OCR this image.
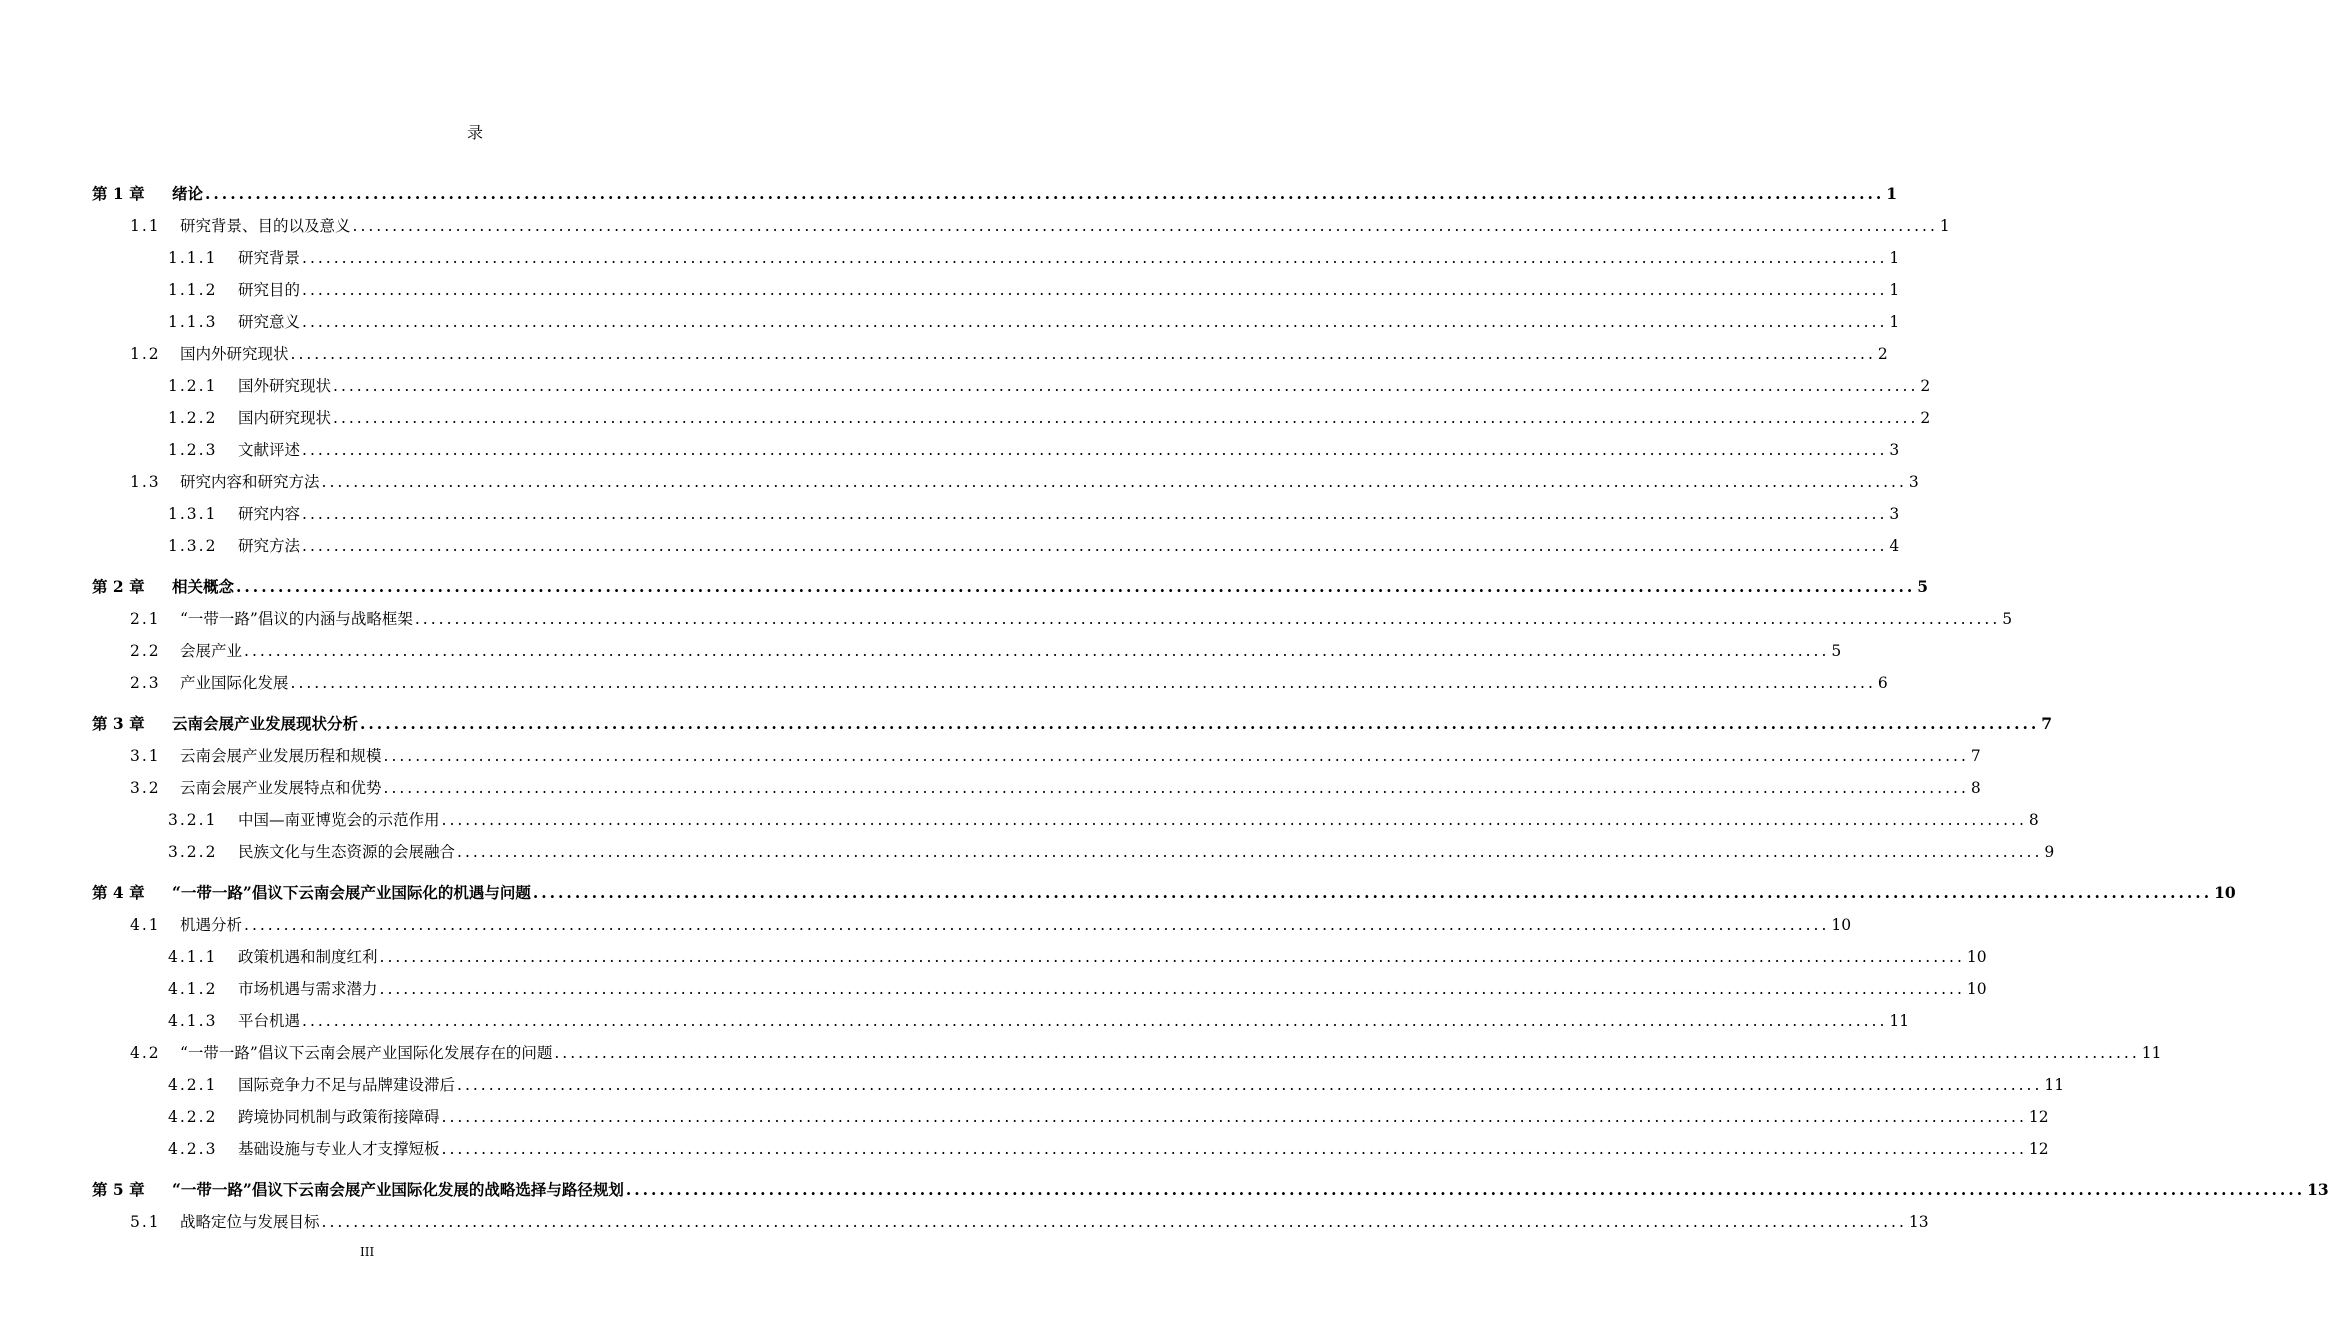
录
第 1 章	绪论 ........................................................................................................................................................................................................ 1
1.1	研究背景、目的以及意义 ........................................................................................................................................................................................................ 1
1.1.1	研究背景 ........................................................................................................................................................................................................ 1
1.1.2	研究目的 ........................................................................................................................................................................................................ 1
1.1.3	研究意义 ........................................................................................................................................................................................................ 1
1.2	国内外研究现状 ........................................................................................................................................................................................................ 2
1.2.1	国外研究现状 ........................................................................................................................................................................................................ 2
1.2.2	国内研究现状 ........................................................................................................................................................................................................ 2
1.2.3	文献评述 ........................................................................................................................................................................................................ 3
1.3	研究内容和研究方法 ........................................................................................................................................................................................................ 3
1.3.1	研究内容 ........................................................................................................................................................................................................ 3
1.3.2	研究方法 ........................................................................................................................................................................................................ 4
第 2 章	相关概念 ........................................................................................................................................................................................................ 5
2.1	“一带一路”倡议的内涵与战略框架 ........................................................................................................................................................................................................ 5
2.2	会展产业 ........................................................................................................................................................................................................ 5
2.3	产业国际化发展 ........................................................................................................................................................................................................ 6
第 3 章	云南会展产业发展现状分析 ........................................................................................................................................................................................................ 7
3.1	云南会展产业发展历程和规模 ........................................................................................................................................................................................................ 7
3.2	云南会展产业发展特点和优势 ........................................................................................................................................................................................................ 8
3.2.1	中国—南亚博览会的示范作用 ........................................................................................................................................................................................................ 8
3.2.2	民族文化与生态资源的会展融合 ........................................................................................................................................................................................................ 9
第 4 章	“一带一路”倡议下云南会展产业国际化的机遇与问题 ........................................................................................................................................................................................................ 10
4.1	机遇分析 ........................................................................................................................................................................................................ 10
4.1.1	政策机遇和制度红利 ........................................................................................................................................................................................................ 10
4.1.2	市场机遇与需求潜力 ........................................................................................................................................................................................................ 10
4.1.3	平台机遇 ........................................................................................................................................................................................................ 11
4.2	“一带一路”倡议下云南会展产业国际化发展存在的问题 ........................................................................................................................................................................................................ 11
4.2.1	国际竞争力不足与品牌建设滞后 ........................................................................................................................................................................................................ 11
4.2.2	跨境协同机制与政策衔接障碍 ........................................................................................................................................................................................................ 12
4.2.3	基础设施与专业人才支撑短板 ........................................................................................................................................................................................................ 12
第 5 章	“一带一路”倡议下云南会展产业国际化发展的战略选择与路径规划 ........................................................................................................................................................................................................ 13
5.1	战略定位与发展目标 ........................................................................................................................................................................................................ 13
III
